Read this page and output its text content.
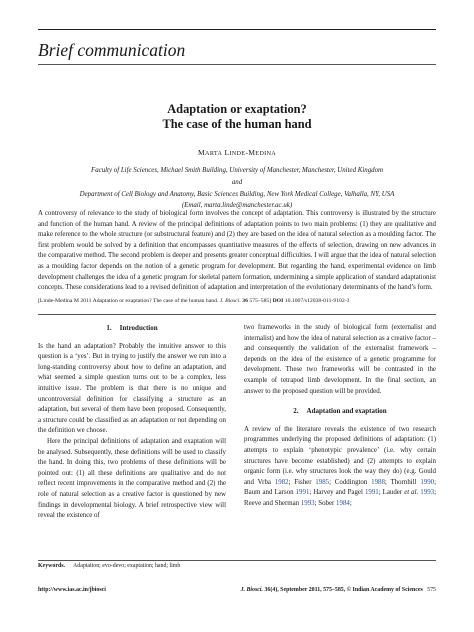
Brief communication
Adaptation or exaptation?
The case of the human hand
MARTA LINDE-MEDINA
Faculty of Life Sciences, Michael Smith Building, University of Manchester, Manchester, United Kingdom
and
Department of Cell Biology and Anatomy, Basic Sciences Building, New York Medical College, Valhalla, NY, USA
(Email, marta.linde@manchester.ac.uk)
A controversy of relevance to the study of biological form involves the concept of adaptation. This controversy is illustrated by the structure and function of the human hand. A review of the principal definitions of adaptation points to two main problems: (1) they are qualitative and make reference to the whole structure (or substructural feature) and (2) they are based on the idea of natural selection as a moulding factor. The first problem would be solved by a definition that encompasses quantitative measures of the effects of selection, drawing on new advances in the comparative method. The second problem is deeper and presents greater conceptual difficulties. I will argue that the idea of natural selection as a moulding factor depends on the notion of a genetic program for development. But regarding the hand, experimental evidence on limb development challenges the idea of a genetic program for skeletal pattern formation, undermining a simple application of standard adaptationist concepts. These considerations lead to a revised definition of adaptation and interpretation of the evolutionary determinants of the hand’s form.
[Linde-Medina M 2011 Adaptation or exaptation? The case of the human hand. J. Biosci. 36 575–585] DOI 10.1007/s12038-011-9102-3
1. Introduction

Is the hand an adaptation? Probably the intuitive answer to this question is a ‘yes’. But in trying to justify the answer we run into a long-standing controversy about how to define an adaptation, and what seemed a simple question turns out to be a complex, less intuitive issue. The problem is that there is no unique and uncontroversial definition for classifying a structure as an adaptation, but several of them have been proposed. Consequently, a structure could be classified as an adaptation or not depending on the definition we choose.

Here the principal definitions of adaptation and exaptation will be analysed. Subsequently, these definitions will be used to classify the hand. In doing this, two problems of these definitions will be pointed out: (1) all these definitions are qualitative and do not reflect recent improvements in the comparative method and (2) the role of natural selection as a creative factor is questioned by new findings in developmental biology. A brief retrospective view will reveal the existence of

two frameworks in the study of biological form (externalist and internalist) and how the idea of natural selection as a creative factor – and consequently the validation of the externalist framework – depends on the idea of the existence of a genetic programme for development. These two frameworks will be contrasted in the example of tetrapod limb development. In the final section, an answer to the proposed question will be provided.

2. Adaptation and exaptation

A review of the literature reveals the existence of two research programmes underlying the proposed definitions of adaptation: (1) attempts to explain ‘phenotypic prevalence’ (i.e. why certain structures have become established) and (2) attempts to explain organic form (i.e. why structures look the way they do) (e.g. Gould and Vrba 1982; Fisher 1985; Coddington 1988; Thornhill 1990; Baum and Larson 1991; Harvey and Pagel 1991; Lauder et al. 1993; Reeve and Sherman 1993; Sober 1984;

Keywords. Adaptation; evo-devo; exaptation; hand; limb
http://www.ias.ac.in/jbiosci	J. Biosci. 36(4), September 2011, 575–585, © Indian Academy of Sciences 575
